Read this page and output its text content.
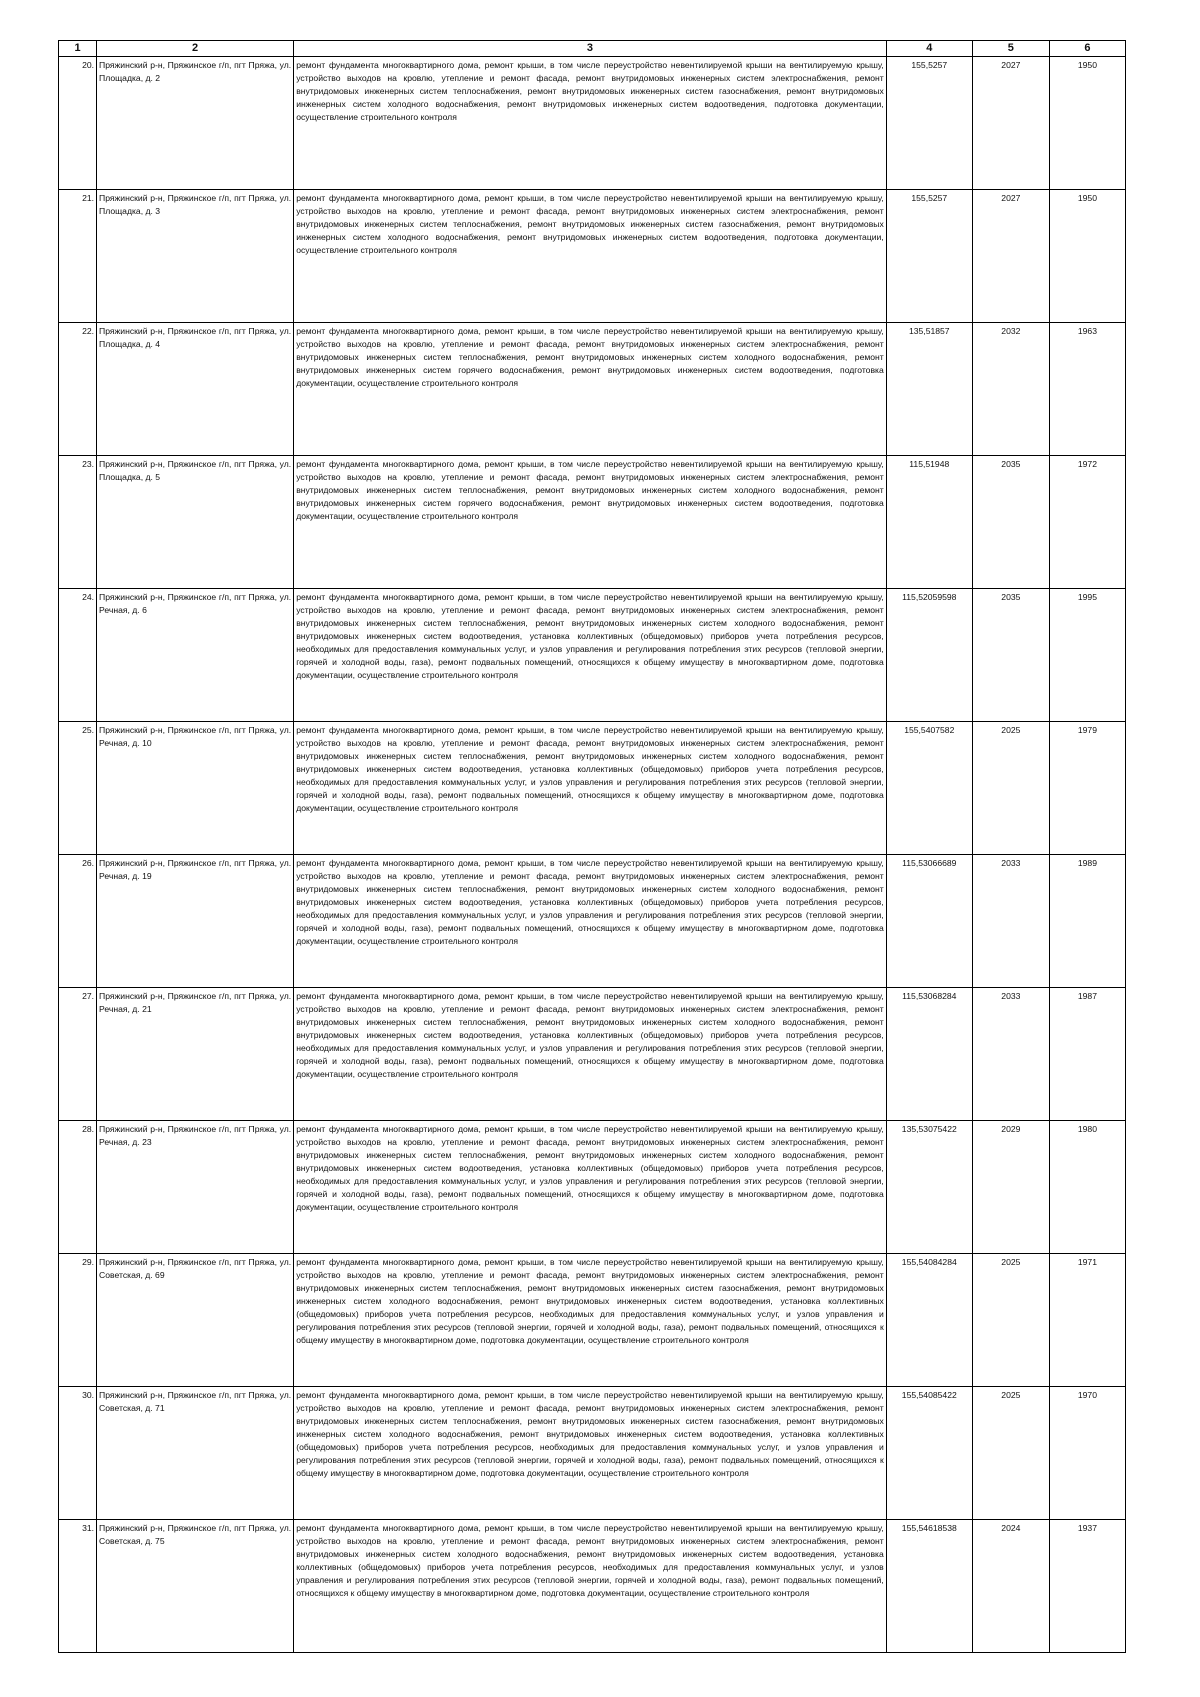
1	2	3	4	5	6
20.	Пряжинский р-н, Пряжинское г/п, пгт Пряжа, ул. Площадка, д. 2	ремонт фундамента многоквартирного дома, ремонт крыши, в том числе переустройство невентилируемой крыши на вентилируемую крышу, устройство выходов на кровлю, утепление и ремонт фасада, ремонт внутридомовых инженерных систем электроснабжения, ремонт внутридомовых инженерных систем теплоснабжения, ремонт внутридомовых инженерных систем газоснабжения, ремонт внутридомовых инженерных систем холодного водоснабжения, ремонт внутридомовых инженерных систем водоотведения, подготовка документации, осуществление строительного контроля	155,5257	2027	1950
21.	Пряжинский р-н, Пряжинское г/п, пгт Пряжа, ул. Площадка, д. 3	ремонт фундамента многоквартирного дома, ремонт крыши, в том числе переустройство невентилируемой крыши на вентилируемую крышу, устройство выходов на кровлю, утепление и ремонт фасада, ремонт внутридомовых инженерных систем электроснабжения, ремонт внутридомовых инженерных систем теплоснабжения, ремонт внутридомовых инженерных систем газоснабжения, ремонт внутридомовых инженерных систем холодного водоснабжения, ремонт внутридомовых инженерных систем водоотведения, подготовка документации, осуществление строительного контроля	155,5257	2027	1950
22.	Пряжинский р-н, Пряжинское г/п, пгт Пряжа, ул. Площадка, д. 4	ремонт фундамента многоквартирного дома, ремонт крыши, в том числе переустройство невентилируемой крыши на вентилируемую крышу, устройство выходов на кровлю, утепление и ремонт фасада, ремонт внутридомовых инженерных систем электроснабжения, ремонт внутридомовых инженерных систем теплоснабжения, ремонт внутридомовых инженерных систем холодного водоснабжения, ремонт внутридомовых инженерных систем горячего водоснабжения, ремонт внутридомовых инженерных систем водоотведения, подготовка документации, осуществление строительного контроля	135,51857	2032	1963
23.	Пряжинский р-н, Пряжинское г/п, пгт Пряжа, ул. Площадка, д. 5	ремонт фундамента многоквартирного дома, ремонт крыши, в том числе переустройство невентилируемой крыши на вентилируемую крышу, устройство выходов на кровлю, утепление и ремонт фасада, ремонт внутридомовых инженерных систем электроснабжения, ремонт внутридомовых инженерных систем теплоснабжения, ремонт внутридомовых инженерных систем холодного водоснабжения, ремонт внутридомовых инженерных систем горячего водоснабжения, ремонт внутридомовых инженерных систем водоотведения, подготовка документации, осуществление строительного контроля	115,51948	2035	1972
24.	Пряжинский р-н, Пряжинское г/п, пгт Пряжа, ул. Речная, д. 6	ремонт фундамента многоквартирного дома, ремонт крыши, в том числе переустройство невентилируемой крыши на вентилируемую крышу, устройство выходов на кровлю, утепление и ремонт фасада, ремонт внутридомовых инженерных систем электроснабжения, ремонт внутридомовых инженерных систем теплоснабжения, ремонт внутридомовых инженерных систем холодного водоснабжения, ремонт внутридомовых инженерных систем водоотведения, установка коллективных (общедомовых) приборов учета потребления ресурсов, необходимых для предоставления коммунальных услуг, и узлов управления и регулирования потребления этих ресурсов (тепловой энергии, горячей и холодной воды, газа), ремонт подвальных помещений, относящихся к общему имуществу в многоквартирном доме, подготовка документации, осуществление строительного контроля	115,52059598	2035	1995
25.	Пряжинский р-н, Пряжинское г/п, пгт Пряжа, ул. Речная, д. 10	ремонт фундамента многоквартирного дома, ремонт крыши, в том числе переустройство невентилируемой крыши на вентилируемую крышу, устройство выходов на кровлю, утепление и ремонт фасада, ремонт внутридомовых инженерных систем электроснабжения, ремонт внутридомовых инженерных систем теплоснабжения, ремонт внутридомовых инженерных систем холодного водоснабжения, ремонт внутридомовых инженерных систем водоотведения, установка коллективных (общедомовых) приборов учета потребления ресурсов, необходимых для предоставления коммунальных услуг, и узлов управления и регулирования потребления этих ресурсов (тепловой энергии, горячей и холодной воды, газа), ремонт подвальных помещений, относящихся к общему имуществу в многоквартирном доме, подготовка документации, осуществление строительного контроля	155,5407582	2025	1979
26.	Пряжинский р-н, Пряжинское г/п, пгт Пряжа, ул. Речная, д. 19	ремонт фундамента многоквартирного дома, ремонт крыши, в том числе переустройство невентилируемой крыши на вентилируемую крышу, устройство выходов на кровлю, утепление и ремонт фасада, ремонт внутридомовых инженерных систем электроснабжения, ремонт внутридомовых инженерных систем теплоснабжения, ремонт внутридомовых инженерных систем холодного водоснабжения, ремонт внутридомовых инженерных систем водоотведения, установка коллективных (общедомовых) приборов учета потребления ресурсов, необходимых для предоставления коммунальных услуг, и узлов управления и регулирования потребления этих ресурсов (тепловой энергии, горячей и холодной воды, газа), ремонт подвальных помещений, относящихся к общему имуществу в многоквартирном доме, подготовка документации, осуществление строительного контроля	115,53066689	2033	1989
27.	Пряжинский р-н, Пряжинское г/п, пгт Пряжа, ул. Речная, д. 21	ремонт фундамента многоквартирного дома, ремонт крыши, в том числе переустройство невентилируемой крыши на вентилируемую крышу, устройство выходов на кровлю, утепление и ремонт фасада, ремонт внутридомовых инженерных систем электроснабжения, ремонт внутридомовых инженерных систем теплоснабжения, ремонт внутридомовых инженерных систем холодного водоснабжения, ремонт внутридомовых инженерных систем водоотведения, установка коллективных (общедомовых) приборов учета потребления ресурсов, необходимых для предоставления коммунальных услуг, и узлов управления и регулирования потребления этих ресурсов (тепловой энергии, горячей и холодной воды, газа), ремонт подвальных помещений, относящихся к общему имуществу в многоквартирном доме, подготовка документации, осуществление строительного контроля	115,53068284	2033	1987
28.	Пряжинский р-н, Пряжинское г/п, пгт Пряжа, ул. Речная, д. 23	ремонт фундамента многоквартирного дома, ремонт крыши, в том числе переустройство невентилируемой крыши на вентилируемую крышу, устройство выходов на кровлю, утепление и ремонт фасада, ремонт внутридомовых инженерных систем электроснабжения, ремонт внутридомовых инженерных систем теплоснабжения, ремонт внутридомовых инженерных систем холодного водоснабжения, ремонт внутридомовых инженерных систем водоотведения, установка коллективных (общедомовых) приборов учета потребления ресурсов, необходимых для предоставления коммунальных услуг, и узлов управления и регулирования потребления этих ресурсов (тепловой энергии, горячей и холодной воды, газа), ремонт подвальных помещений, относящихся к общему имуществу в многоквартирном доме, подготовка документации, осуществление строительного контроля	135,53075422	2029	1980
29.	Пряжинский р-н, Пряжинское г/п, пгт Пряжа, ул. Советская, д. 69	ремонт фундамента многоквартирного дома, ремонт крыши, в том числе переустройство невентилируемой крыши на вентилируемую крышу, устройство выходов на кровлю, утепление и ремонт фасада, ремонт внутридомовых инженерных систем электроснабжения, ремонт внутридомовых инженерных систем теплоснабжения, ремонт внутридомовых инженерных систем газоснабжения, ремонт внутридомовых инженерных систем холодного водоснабжения, ремонт внутридомовых инженерных систем водоотведения, установка коллективных (общедомовых) приборов учета потребления ресурсов, необходимых для предоставления коммунальных услуг, и узлов управления и регулирования потребления этих ресурсов (тепловой энергии, горячей и холодной воды, газа), ремонт подвальных помещений, относящихся к общему имуществу в многоквартирном доме, подготовка документации, осуществление строительного контроля	155,54084284	2025	1971
30.	Пряжинский р-н, Пряжинское г/п, пгт Пряжа, ул. Советская, д. 71	ремонт фундамента многоквартирного дома, ремонт крыши, в том числе переустройство невентилируемой крыши на вентилируемую крышу, устройство выходов на кровлю, утепление и ремонт фасада, ремонт внутридомовых инженерных систем электроснабжения, ремонт внутридомовых инженерных систем теплоснабжения, ремонт внутридомовых инженерных систем газоснабжения, ремонт внутридомовых инженерных систем холодного водоснабжения, ремонт внутридомовых инженерных систем водоотведения, установка коллективных (общедомовых) приборов учета потребления ресурсов, необходимых для предоставления коммунальных услуг, и узлов управления и регулирования потребления этих ресурсов (тепловой энергии, горячей и холодной воды, газа), ремонт подвальных помещений, относящихся к общему имуществу в многоквартирном доме, подготовка документации, осуществление строительного контроля	155,54085422	2025	1970
31.	Пряжинский р-н, Пряжинское г/п, пгт Пряжа, ул. Советская, д. 75	ремонт фундамента многоквартирного дома, ремонт крыши, в том числе переустройство невентилируемой крыши на вентилируемую крышу, устройство выходов на кровлю, утепление и ремонт фасада, ремонт внутридомовых инженерных систем электроснабжения, ремонт внутридомовых инженерных систем холодного водоснабжения, ремонт внутридомовых инженерных систем водоотведения, установка коллективных (общедомовых) приборов учета потребления ресурсов, необходимых для предоставления коммунальных услуг, и узлов управления и регулирования потребления этих ресурсов (тепловой энергии, горячей и холодной воды, газа), ремонт подвальных помещений, относящихся к общему имуществу в многоквартирном доме, подготовка документации, осуществление строительного контроля	155,54618538	2024	1937
